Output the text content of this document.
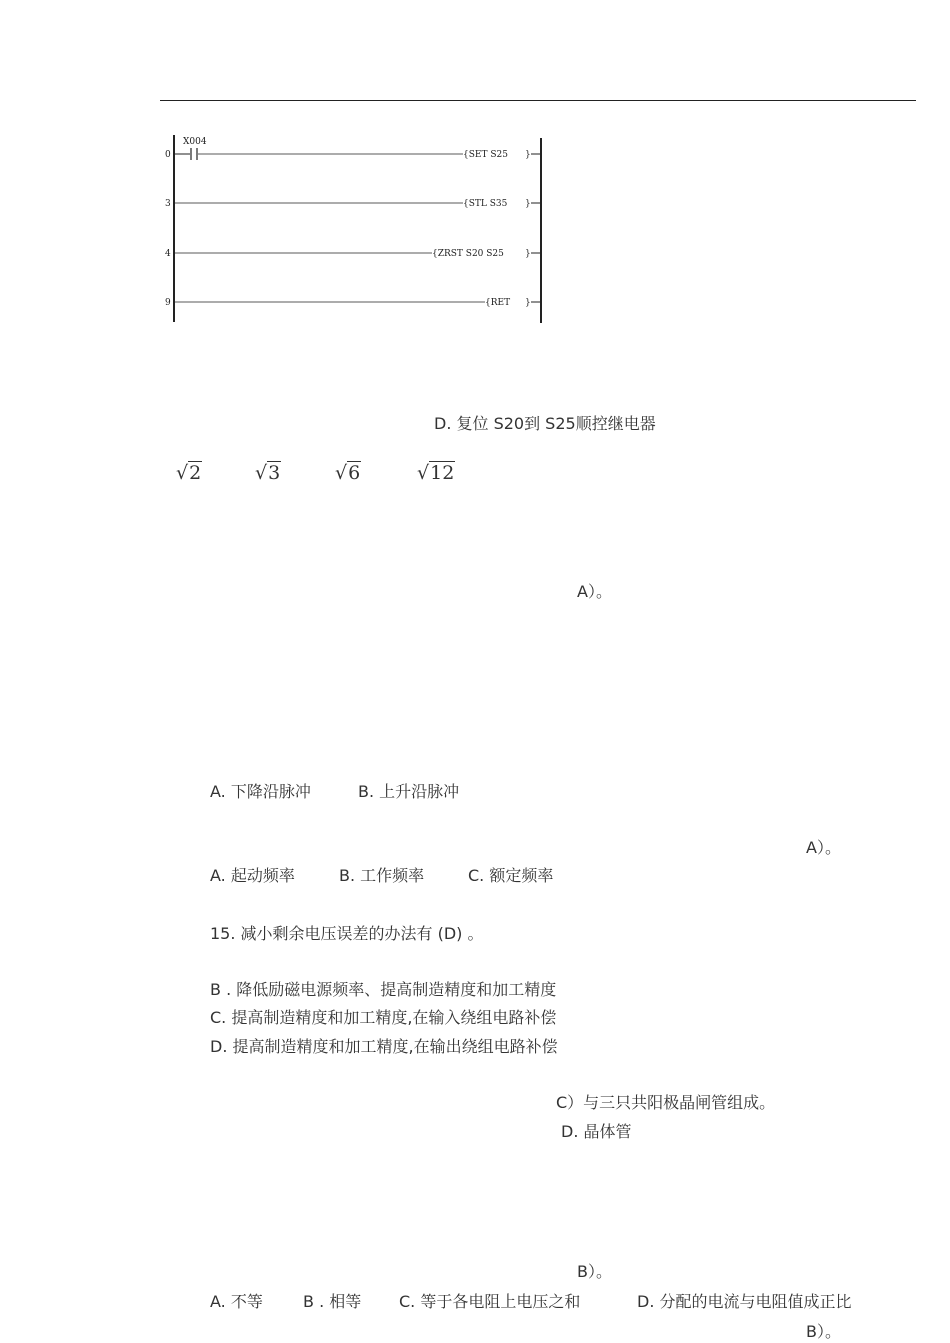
0
X004
{SET S25 }
3	{STL S35 }
4	{ZRST S20 S25 }
9	{RET }
D. 复位 S20到 S25顺控继电器
√2	√3	√6	√12
A）。
A. 下降沿脉冲	B. 上升沿脉冲
A）。
A. 起动频率	B. 工作频率	C. 额定频率
15. 减小剩余电压误差的办法有 (D) 。
B . 降低励磁电源频率、提高制造精度和加工精度
C. 提高制造精度和加工精度,在输入绕组电路补偿
D. 提高制造精度和加工精度,在输出绕组电路补偿
C）与三只共阳极晶闸管组成。
D. 晶体管
B）。
A. 不等	B . 相等 C. 等于各电阻上电压之和	D. 分配的电流与电阻值成正比
B）。
